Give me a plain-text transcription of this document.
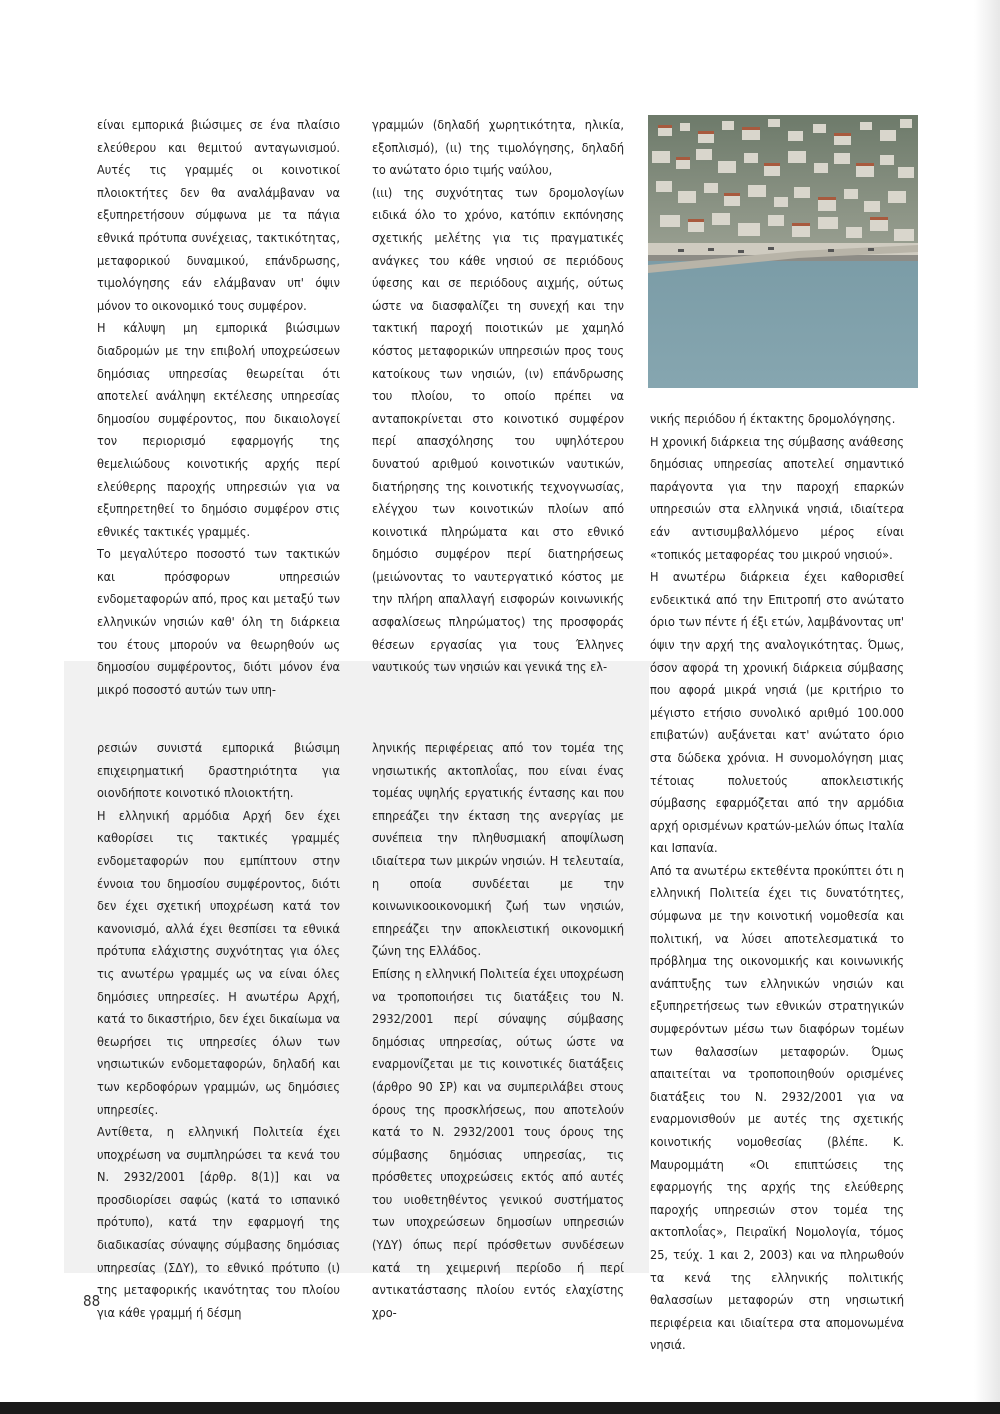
είναι εμπορικά βιώσιμες σε ένα πλαίσιο ελεύθερου και θεμιτού ανταγωνισμού. Αυτές τις γραμμές οι κοινοτικοί πλοιοκτήτες δεν θα αναλάμβαναν να εξυπηρετήσουν σύμφωνα με τα πάγια εθνικά πρότυπα συνέχειας, τακτικότητας, μεταφορικού δυναμικού, επάνδρωσης, τιμολόγησης εάν ελάμβαναν υπ' όψιν μόνον το οικονομικό τους συμφέρον.

Η κάλυψη μη εμπορικά βιώσιμων διαδρομών με την επιβολή υποχρεώσεων δημόσιας υπηρεσίας θεωρείται ότι αποτελεί ανάληψη εκτέλεσης υπηρεσίας δημοσίου συμφέροντος, που δικαιολογεί τον περιορισμό εφαρμογής της θεμελιώδους κοινοτικής αρχής περί ελεύθερης παροχής υπηρεσιών για να εξυπηρετηθεί το δημόσιο συμφέρον στις εθνικές τακτικές γραμμές.

Το μεγαλύτερο ποσοστό των τακτικών και πρόσφορων υπηρεσιών ενδομεταφορών από, προς και μεταξύ των ελληνικών νησιών καθ' όλη τη διάρκεια του έτους μπορούν να θεωρηθούν ως δημοσίου συμφέροντος, διότι μόνον ένα μικρό ποσοστό αυτών των υπη-

γραμμών (δηλαδή χωρητικότητα, ηλικία, εξοπλισμό), (ιι) της τιμολόγησης, δηλαδή το ανώτατο όριο τιμής ναύλου,

(ιιι) της συχνότητας των δρομολογίων ειδικά όλο το χρόνο, κατόπιν εκπόνησης σχετικής μελέτης για τις πραγματικές ανάγκες του κάθε νησιού σε περιόδους ύφεσης και σε περιόδους αιχμής, ούτως ώστε να διασφαλίζει τη συνεχή και την τακτική παροχή ποιοτικών με χαμηλό κόστος μεταφορικών υπηρεσιών προς τους κατοίκους των νησιών, (ιν) επάνδρωσης του πλοίου, το οποίο πρέπει να ανταποκρίνεται στο κοινοτικό συμφέρον περί απασχόλησης του υψηλότερου δυνατού αριθμού κοινοτικών ναυτικών, διατήρησης της κοινοτικής τεχνογνωσίας, ελέγχου των κοινοτικών πλοίων από κοινοτικά πληρώματα και στο εθνικό δημόσιο συμφέρον περί διατηρήσεως (μειώνοντας το ναυτεργατικό κόστος με την πλήρη απαλλαγή εισφορών κοινωνικής ασφαλίσεως πληρώματος) της προσφοράς θέσεων εργασίας για τους Έλληνες ναυτικούς των νησιών και γενικά της ελ-

ρεσιών συνιστά εμπορικά βιώσιμη επιχειρηματική δραστηριότητα για οιονδήποτε κοινοτικό πλοιοκτήτη.

Η ελληνική αρμόδια Αρχή δεν έχει καθορίσει τις τακτικές γραμμές ενδομεταφορών που εμπίπτουν στην έννοια του δημοσίου συμφέροντος, διότι δεν έχει σχετική υποχρέωση κατά τον κανονισμό, αλλά έχει θεσπίσει τα εθνικά πρότυπα ελάχιστης συχνότητας για όλες τις ανωτέρω γραμμές ως να είναι όλες δημόσιες υπηρεσίες. Η ανωτέρω Αρχή, κατά το δικαστήριο, δεν έχει δικαίωμα να θεωρήσει τις υπηρεσίες όλων των νησιωτικών ενδομεταφορών, δηλαδή και των κερδοφόρων γραμμών, ως δημόσιες υπηρεσίες.

Αντίθετα, η ελληνική Πολιτεία έχει υποχρέωση να συμπληρώσει τα κενά του Ν. 2932/2001 [άρθρ. 8(1)] και να προσδιορίσει σαφώς (κατά το ισπανικό πρότυπο), κατά την εφαρμογή της διαδικασίας σύναψης σύμβασης δημόσιας υπηρεσίας (ΣΔΥ), το εθνικό πρότυπο (ι) της μεταφορικής ικανότητας του πλοίου για κάθε γραμμή ή δέσμη

ληνικής περιφέρειας από τον τομέα της νησιωτικής ακτοπλοΐας, που είναι ένας τομέας υψηλής εργατικής έντασης και που επηρεάζει την έκταση της ανεργίας με συνέπεια την πληθυσμιακή αποψίλωση ιδιαίτερα των μικρών νησιών. Η τελευταία, η οποία συνδέεται με την κοινωνικοοικονομική ζωή των νησιών, επηρεάζει την αποκλειστική οικονομική ζώνη της Ελλάδος.

Επίσης η ελληνική Πολιτεία έχει υποχρέωση να τροποποιήσει τις διατάξεις του Ν. 2932/2001 περί σύναψης σύμβασης δημόσιας υπηρεσίας, ούτως ώστε να εναρμονίζεται με τις κοινοτικές διατάξεις (άρθρο 90 ΣΡ) και να συμπεριλάβει στους όρους της προσκλήσεως, που αποτελούν κατά το Ν. 2932/2001 τους όρους της σύμβασης δημόσιας υπηρεσίας, τις πρόσθετες υποχρεώσεις εκτός από αυτές του υιοθετηθέντος γενικού συστήματος των υποχρεώσεων δημοσίων υπηρεσιών (ΥΔΥ) όπως περί πρόσθετων συνδέσεων κατά τη χειμερινή περίοδο ή περί αντικατάστασης πλοίου εντός ελαχίστης χρο-

νικής περιόδου ή έκτακτης δρομολόγησης.

Η χρονική διάρκεια της σύμβασης ανάθεσης δημόσιας υπηρεσίας αποτελεί σημαντικό παράγοντα για την παροχή επαρκών υπηρεσιών στα ελληνικά νησιά, ιδιαίτερα εάν αντισυμβαλλόμενο μέρος είναι «τοπικός μεταφορέας του μικρού νησιού».

Η ανωτέρω διάρκεια έχει καθορισθεί ενδεικτικά από την Επιτροπή στο ανώτατο όριο των πέντε ή έξι ετών, λαμβάνοντας υπ' όψιν την αρχή της αναλογικότητας. Όμως, όσον αφορά τη χρονική διάρκεια σύμβασης που αφορά μικρά νησιά (με κριτήριο το μέγιστο ετήσιο συνολικό αριθμό 100.000 επιβατών) αυξάνεται κατ' ανώτατο όριο στα δώδεκα χρόνια. Η συνομολόγηση μιας τέτοιας πολυετούς αποκλειστικής σύμβασης εφαρμόζεται από την αρμόδια αρχή ορισμένων κρατών-μελών όπως Ιταλία και Ισπανία.

Από τα ανωτέρω εκτεθέντα προκύπτει ότι η ελληνική Πολιτεία έχει τις δυνατότητες, σύμφωνα με την κοινοτική νομοθεσία και πολιτική, να λύσει αποτελεσματικά το πρόβλημα της οικονομικής και κοινωνικής ανάπτυξης των ελληνικών νησιών και εξυπηρετήσεως των εθνικών στρατηγικών συμφερόντων μέσω των διαφόρων τομέων των θαλασσίων μεταφορών. Όμως απαιτείται να τροποποιηθούν ορισμένες διατάξεις του Ν. 2932/2001 για να εναρμονισθούν με αυτές της σχετικής κοινοτικής νομοθεσίας (βλέπε. Κ. Μαυρομμάτη «Οι επιπτώσεις της εφαρμογής της αρχής της ελεύθερης παροχής υπηρεσιών στον τομέα της ακτοπλοΐας», Πειραϊκή Νομολογία, τόμος 25, τεύχ. 1 και 2, 2003) και να πληρωθούν τα κενά της ελληνικής πολιτικής θαλασσίων μεταφορών στη νησιωτική περιφέρεια και ιδιαίτερα στα απομονωμένα νησιά.

88
